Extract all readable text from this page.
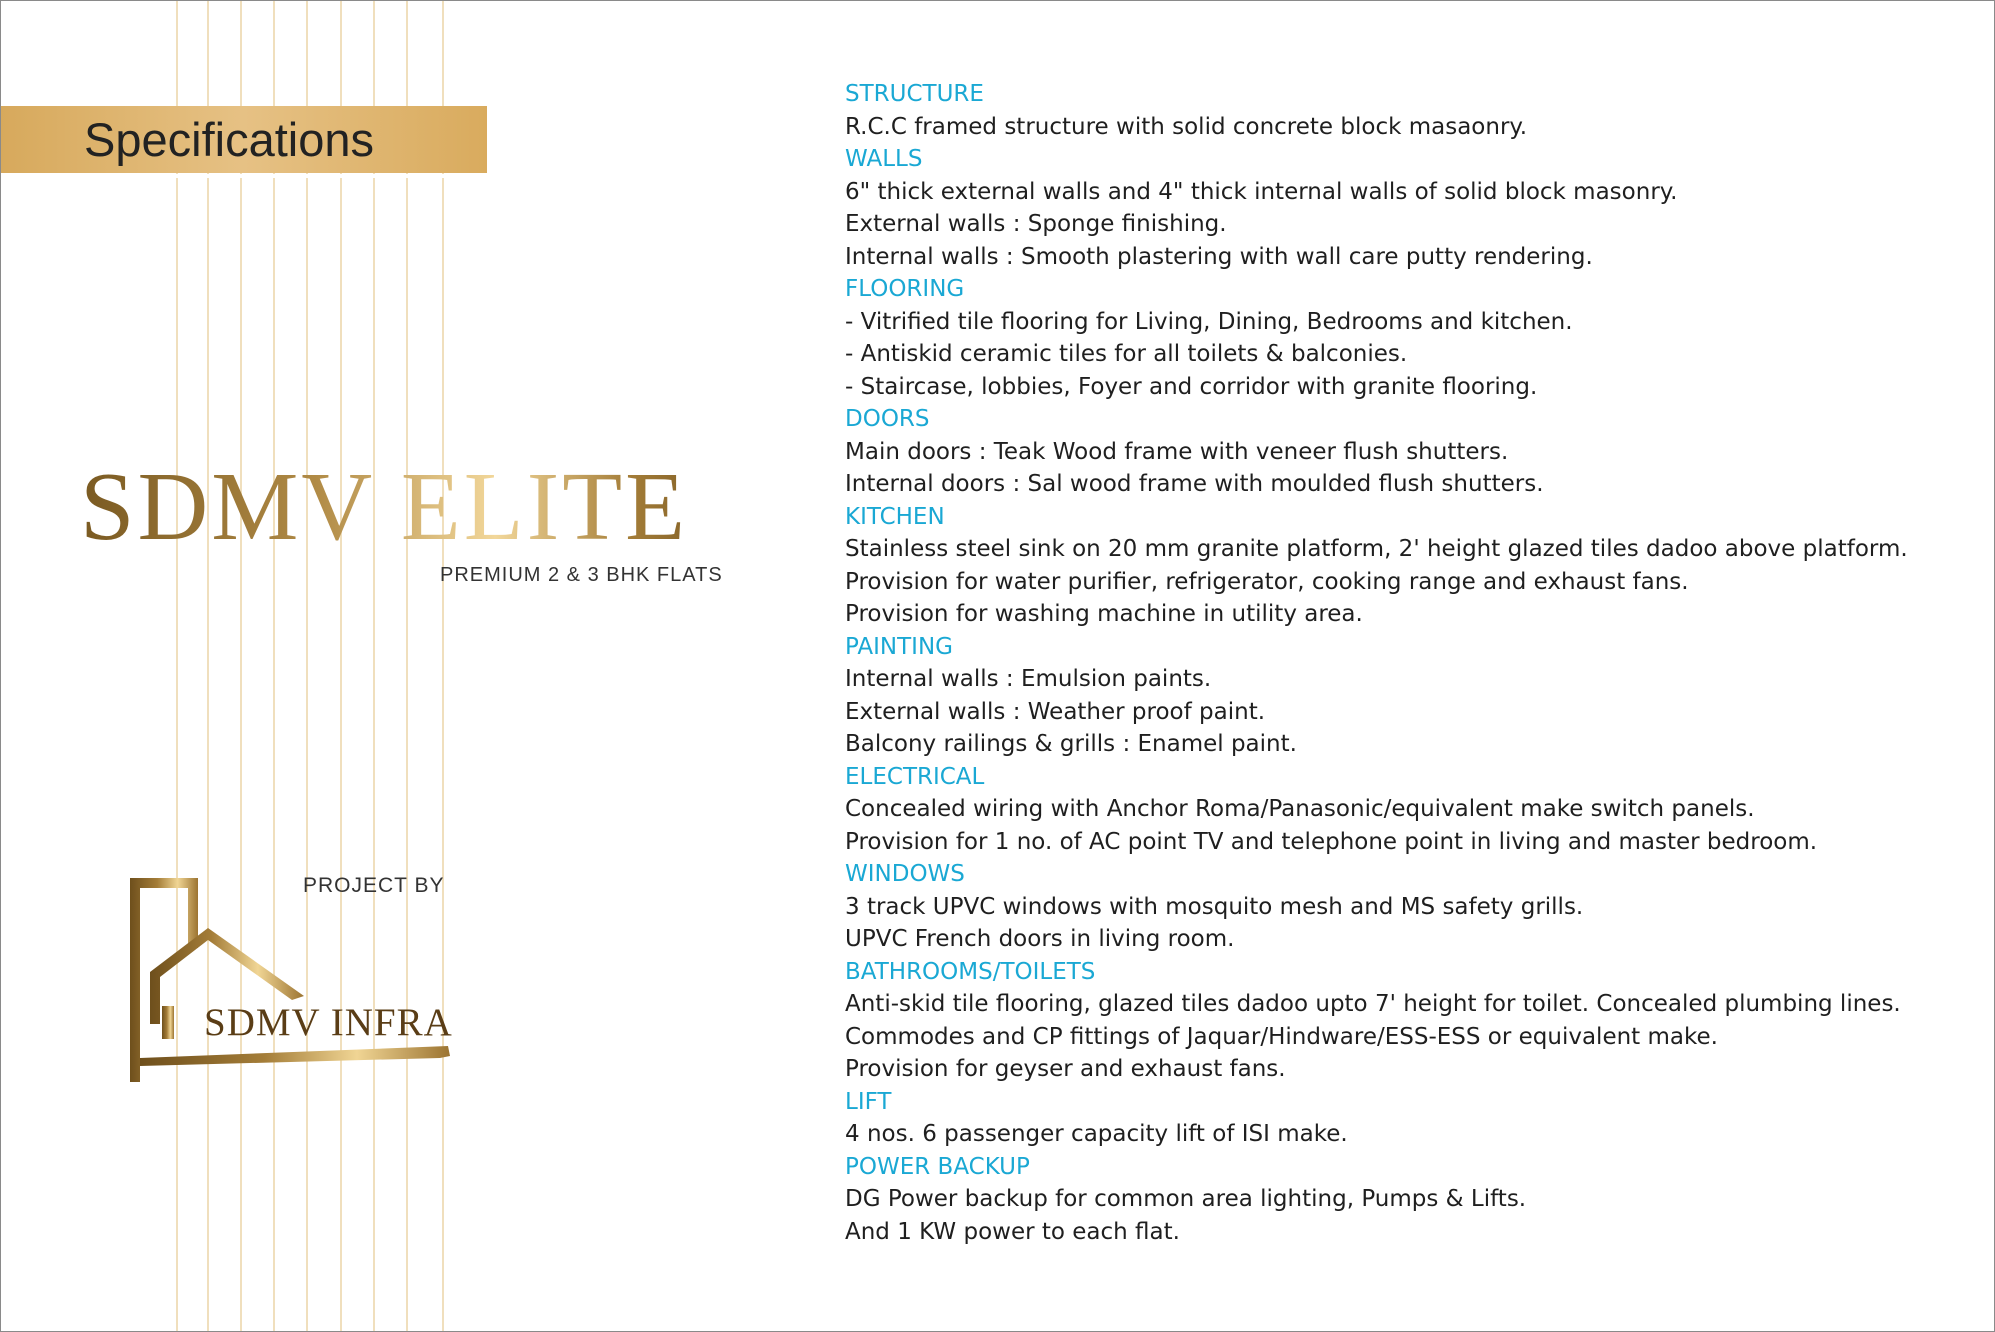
Specifications
SDMV ELITE
PREMIUM 2 & 3 BHK FLATS
PROJECT BY
SDMV INFRA
STRUCTURE
R.C.C framed structure with solid concrete block masaonry.
WALLS
6" thick external walls and 4" thick internal walls of solid block masonry.
External walls : Sponge finishing.
Internal walls : Smooth plastering with wall care putty rendering.
FLOORING
- Vitrified tile flooring for Living, Dining, Bedrooms and kitchen.
- Antiskid ceramic tiles for all toilets & balconies.
- Staircase, lobbies, Foyer and corridor with granite flooring.
DOORS
Main doors : Teak Wood frame with veneer flush shutters.
Internal doors : Sal wood frame with moulded flush shutters.
KITCHEN
Stainless steel sink on 20 mm granite platform, 2' height glazed tiles dadoo above platform.
Provision for water purifier, refrigerator, cooking range and exhaust fans.
Provision for washing machine in utility area.
PAINTING
Internal walls : Emulsion paints.
External walls : Weather proof paint.
Balcony railings & grills : Enamel paint.
ELECTRICAL
Concealed wiring with Anchor Roma/Panasonic/equivalent make switch panels.
Provision for 1 no. of AC point TV and telephone point in living and master bedroom.
WINDOWS
3 track UPVC windows with mosquito mesh and MS safety grills.
UPVC French doors in living room.
BATHROOMS/TOILETS
Anti-skid tile flooring, glazed tiles dadoo upto 7' height for toilet. Concealed plumbing lines.
Commodes and CP fittings of Jaquar/Hindware/ESS-ESS or equivalent make.
Provision for geyser and exhaust fans.
LIFT
4 nos. 6 passenger capacity lift of ISI make.
POWER BACKUP
DG Power backup for common area lighting, Pumps & Lifts.
And 1 KW power to each flat.
